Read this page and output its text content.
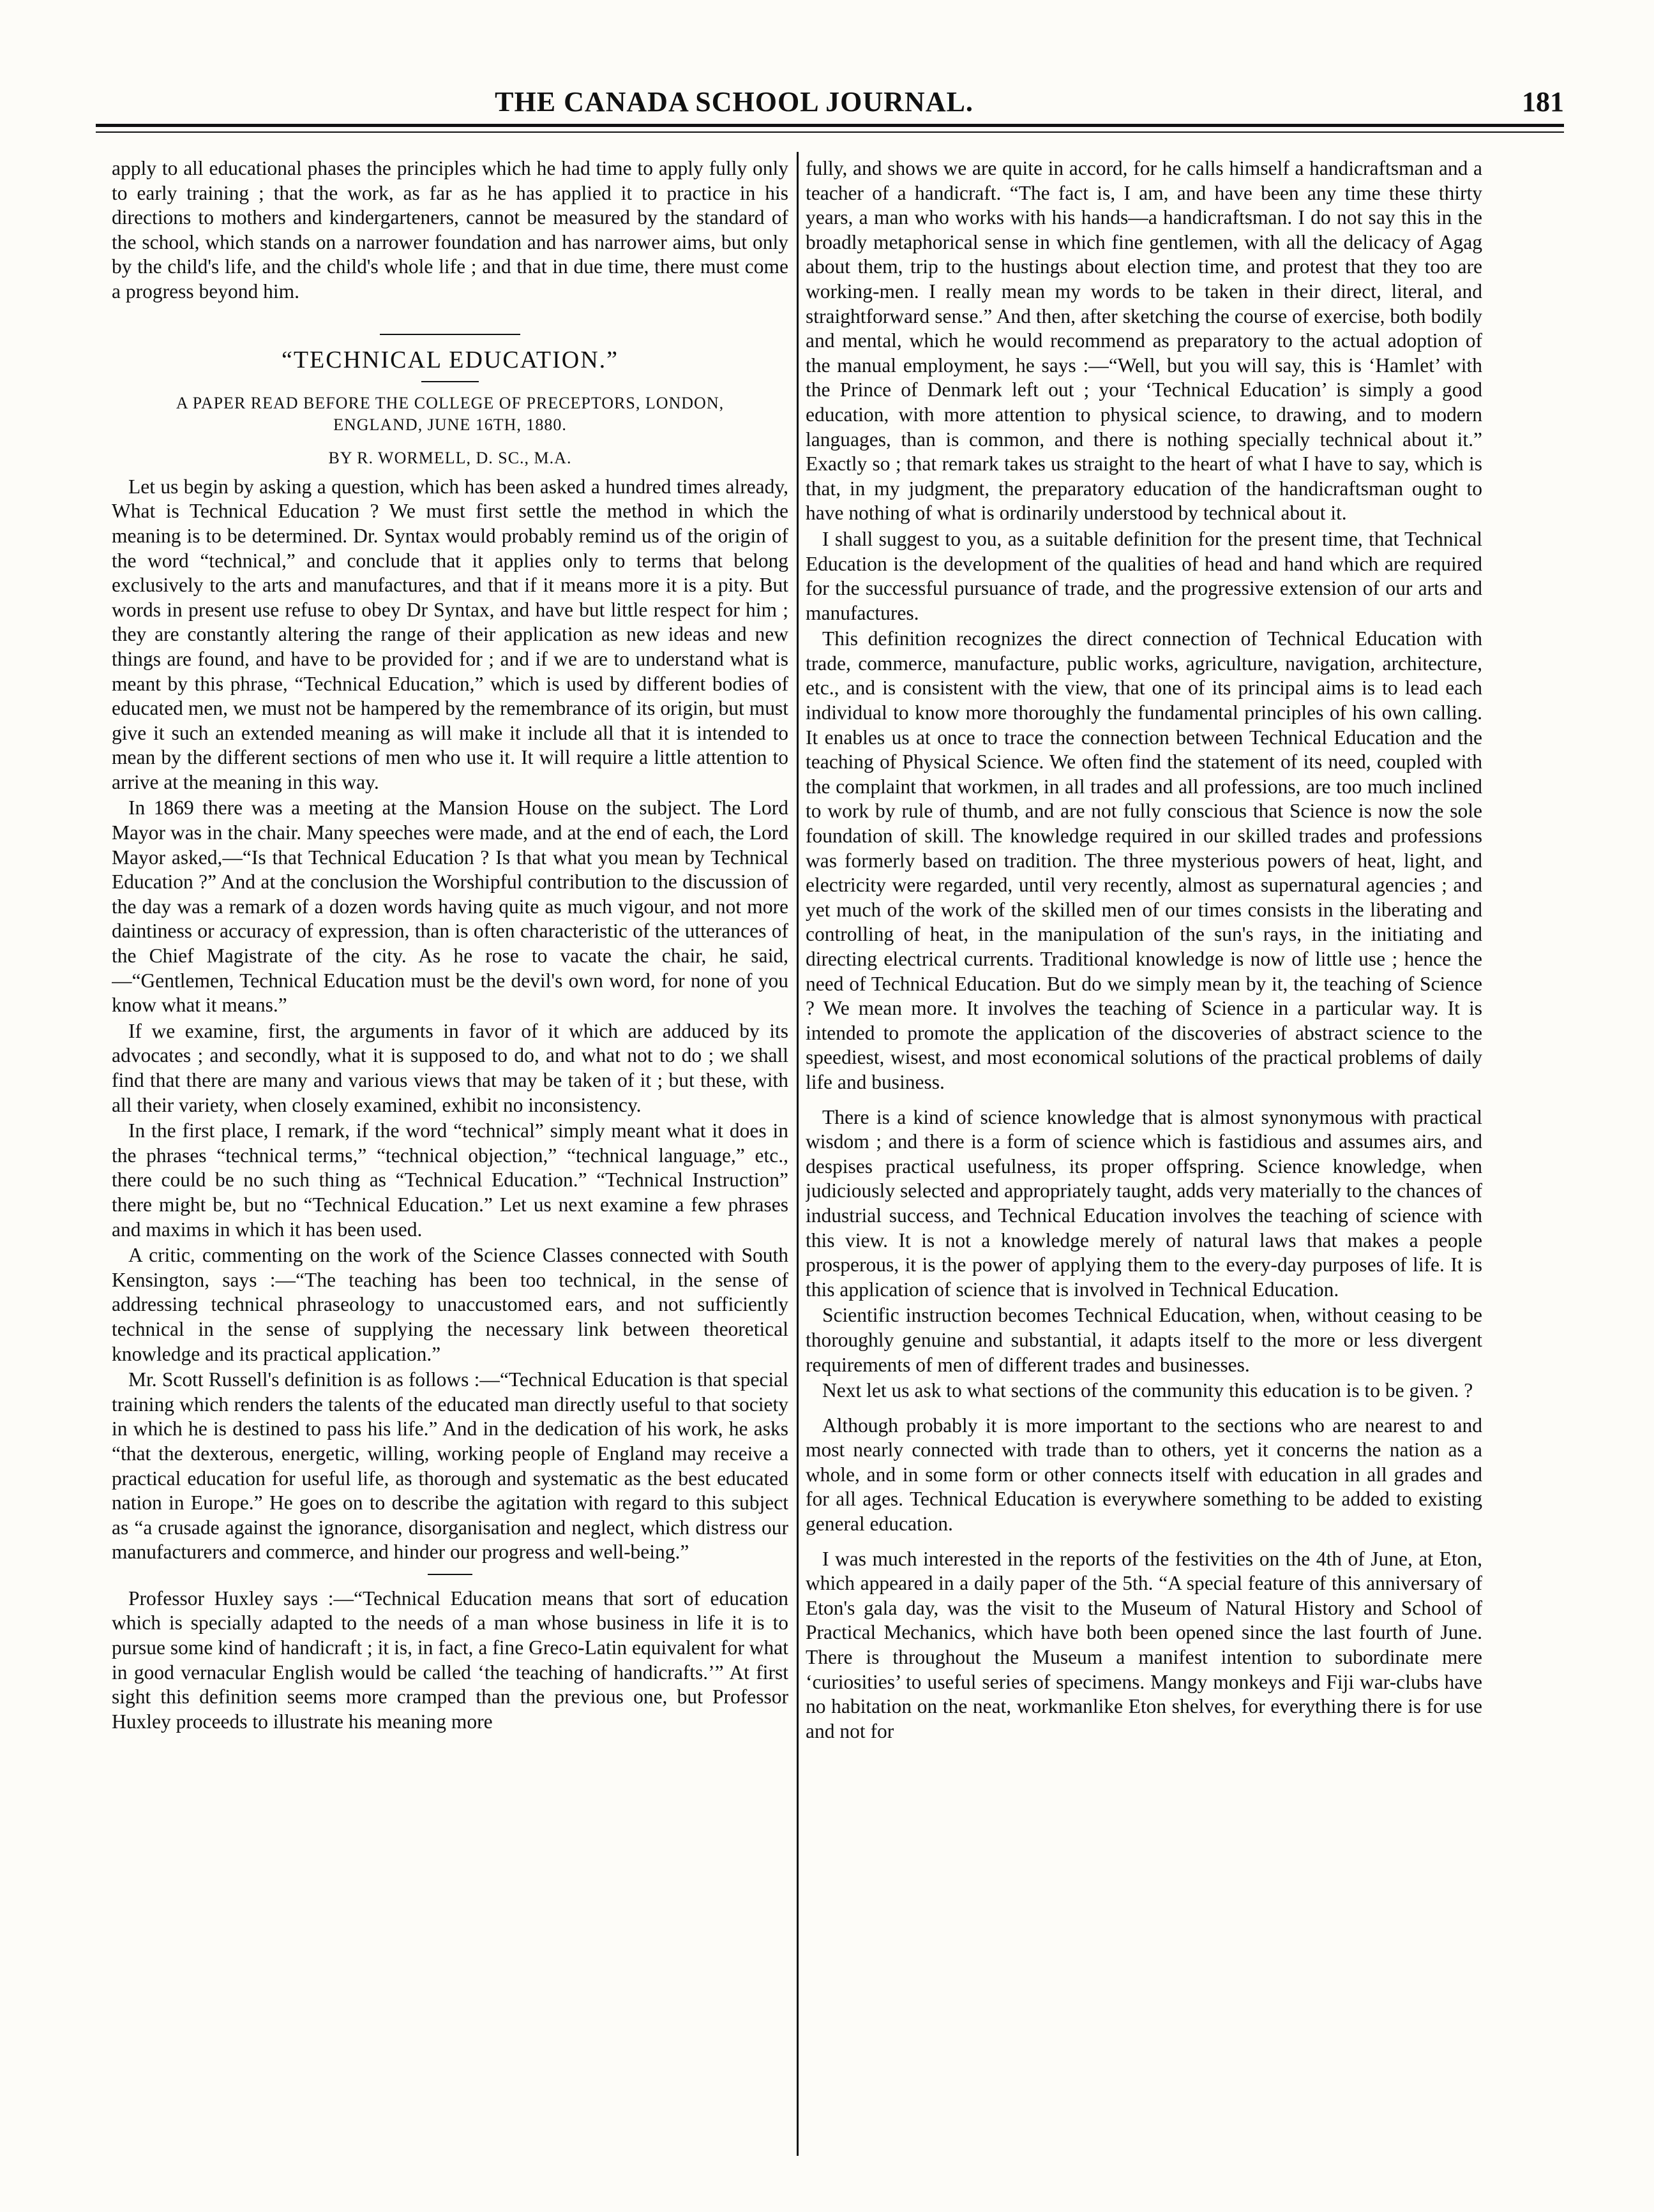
THE CANADA SCHOOL JOURNAL.	181

apply to all educational phases the principles which he had time to apply fully only to early training ; that the work, as far as he has applied it to practice in his directions to mothers and kindergarteners, cannot be measured by the standard of the school, which stands on a narrower foundation and has narrower aims, but only by the child's life, and the child's whole life ; and that in due time, there must come a progress beyond him.

“TECHNICAL EDUCATION.”

A PAPER READ BEFORE THE COLLEGE OF PRECEPTORS, LONDON, ENGLAND, JUNE 16TH, 1880.

BY R. WORMELL, D. SC., M.A.

Let us begin by asking a question, which has been asked a hundred times already, What is Technical Education ? We must first settle the method in which the meaning is to be determined. Dr. Syntax would probably remind us of the origin of the word “technical,” and conclude that it applies only to terms that belong exclusively to the arts and manufactures, and that if it means more it is a pity. But words in present use refuse to obey Dr Syntax, and have but little respect for him ; they are constantly altering the range of their application as new ideas and new things are found, and have to be provided for ; and if we are to understand what is meant by this phrase, “Technical Education,” which is used by different bodies of educated men, we must not be hampered by the remembrance of its origin, but must give it such an extended meaning as will make it include all that it is intended to mean by the different sections of men who use it. It will require a little attention to arrive at the meaning in this way.

In 1869 there was a meeting at the Mansion House on the subject. The Lord Mayor was in the chair. Many speeches were made, and at the end of each, the Lord Mayor asked,—“Is that Technical Education ? Is that what you mean by Technical Education ?” And at the conclusion the Worshipful contribution to the discussion of the day was a remark of a dozen words having quite as much vigour, and not more daintiness or accuracy of expression, than is often characteristic of the utterances of the Chief Magistrate of the city. As he rose to vacate the chair, he said,—“Gentlemen, Technical Education must be the devil's own word, for none of you know what it means.”

If we examine, first, the arguments in favor of it which are adduced by its advocates ; and secondly, what it is supposed to do, and what not to do ; we shall find that there are many and various views that may be taken of it ; but these, with all their variety, when closely examined, exhibit no inconsistency.

In the first place, I remark, if the word “technical” simply meant what it does in the phrases “technical terms,” “technical objection,” “technical language,” etc., there could be no such thing as “Technical Education.” “Technical Instruction” there might be, but no “Technical Education.” Let us next examine a few phrases and maxims in which it has been used.

A critic, commenting on the work of the Science Classes connected with South Kensington, says :—“The teaching has been too technical, in the sense of addressing technical phraseology to unaccustomed ears, and not sufficiently technical in the sense of supplying the necessary link between theoretical knowledge and its practical application.”

Mr. Scott Russell's definition is as follows :—“Technical Education is that special training which renders the talents of the educated man directly useful to that society in which he is destined to pass his life.” And in the dedication of his work, he asks “that the dexterous, energetic, willing, working people of England may receive a practical education for useful life, as thorough and systematic as the best educated nation in Europe.” He goes on to describe the agitation with regard to this subject as “a crusade against the ignorance, disorganisation and neglect, which distress our manufacturers and commerce, and hinder our progress and well-being.”

Professor Huxley says :—“Technical Education means that sort of education which is specially adapted to the needs of a man whose business in life it is to pursue some kind of handicraft ; it is, in fact, a fine Greco-Latin equivalent for what in good vernacular English would be called ‘the teaching of handicrafts.’” At first sight this definition seems more cramped than the previous one, but Professor Huxley proceeds to illustrate his meaning more

fully, and shows we are quite in accord, for he calls himself a handicraftsman and a teacher of a handicraft. “The fact is, I am, and have been any time these thirty years, a man who works with his hands—a handicraftsman. I do not say this in the broadly metaphorical sense in which fine gentlemen, with all the delicacy of Agag about them, trip to the hustings about election time, and protest that they too are working-men. I really mean my words to be taken in their direct, literal, and straightforward sense.” And then, after sketching the course of exercise, both bodily and mental, which he would recommend as preparatory to the actual adoption of the manual employment, he says :—“Well, but you will say, this is ‘Hamlet’ with the Prince of Denmark left out ; your ‘Technical Education’ is simply a good education, with more attention to physical science, to drawing, and to modern languages, than is common, and there is nothing specially technical about it.” Exactly so ; that remark takes us straight to the heart of what I have to say, which is that, in my judgment, the preparatory education of the handicraftsman ought to have nothing of what is ordinarily understood by technical about it.

I shall suggest to you, as a suitable definition for the present time, that Technical Education is the development of the qualities of head and hand which are required for the successful pursuance of trade, and the progressive extension of our arts and manufactures.

This definition recognizes the direct connection of Technical Education with trade, commerce, manufacture, public works, agriculture, navigation, architecture, etc., and is consistent with the view, that one of its principal aims is to lead each individual to know more thoroughly the fundamental principles of his own calling. It enables us at once to trace the connection between Technical Education and the teaching of Physical Science. We often find the statement of its need, coupled with the complaint that workmen, in all trades and all professions, are too much inclined to work by rule of thumb, and are not fully conscious that Science is now the sole foundation of skill. The knowledge required in our skilled trades and professions was formerly based on tradition. The three mysterious powers of heat, light, and electricity were regarded, until very recently, almost as supernatural agencies ; and yet much of the work of the skilled men of our times consists in the liberating and controlling of heat, in the manipulation of the sun's rays, in the initiating and directing electrical currents. Traditional knowledge is now of little use ; hence the need of Technical Education. But do we simply mean by it, the teaching of Science ? We mean more. It involves the teaching of Science in a particular way. It is intended to promote the application of the discoveries of abstract science to the speediest, wisest, and most economical solutions of the practical problems of daily life and business.

There is a kind of science knowledge that is almost synonymous with practical wisdom ; and there is a form of science which is fastidious and assumes airs, and despises practical usefulness, its proper offspring. Science knowledge, when judiciously selected and appropriately taught, adds very materially to the chances of industrial success, and Technical Education involves the teaching of science with this view. It is not a knowledge merely of natural laws that makes a people prosperous, it is the power of applying them to the every-day purposes of life. It is this application of science that is involved in Technical Education.

Scientific instruction becomes Technical Education, when, without ceasing to be thoroughly genuine and substantial, it adapts itself to the more or less divergent requirements of men of different trades and businesses.

Next let us ask to what sections of the community this education is to be given. ?

Although probably it is more important to the sections who are nearest to and most nearly connected with trade than to others, yet it concerns the nation as a whole, and in some form or other connects itself with education in all grades and for all ages. Technical Education is everywhere something to be added to existing general education.

I was much interested in the reports of the festivities on the 4th of June, at Eton, which appeared in a daily paper of the 5th. “A special feature of this anniversary of Eton's gala day, was the visit to the Museum of Natural History and School of Practical Mechanics, which have both been opened since the last fourth of June. There is throughout the Museum a manifest intention to subordinate mere ‘curiosities’ to useful series of specimens. Mangy monkeys and Fiji war-clubs have no habitation on the neat, workmanlike Eton shelves, for everything there is for use and not for
